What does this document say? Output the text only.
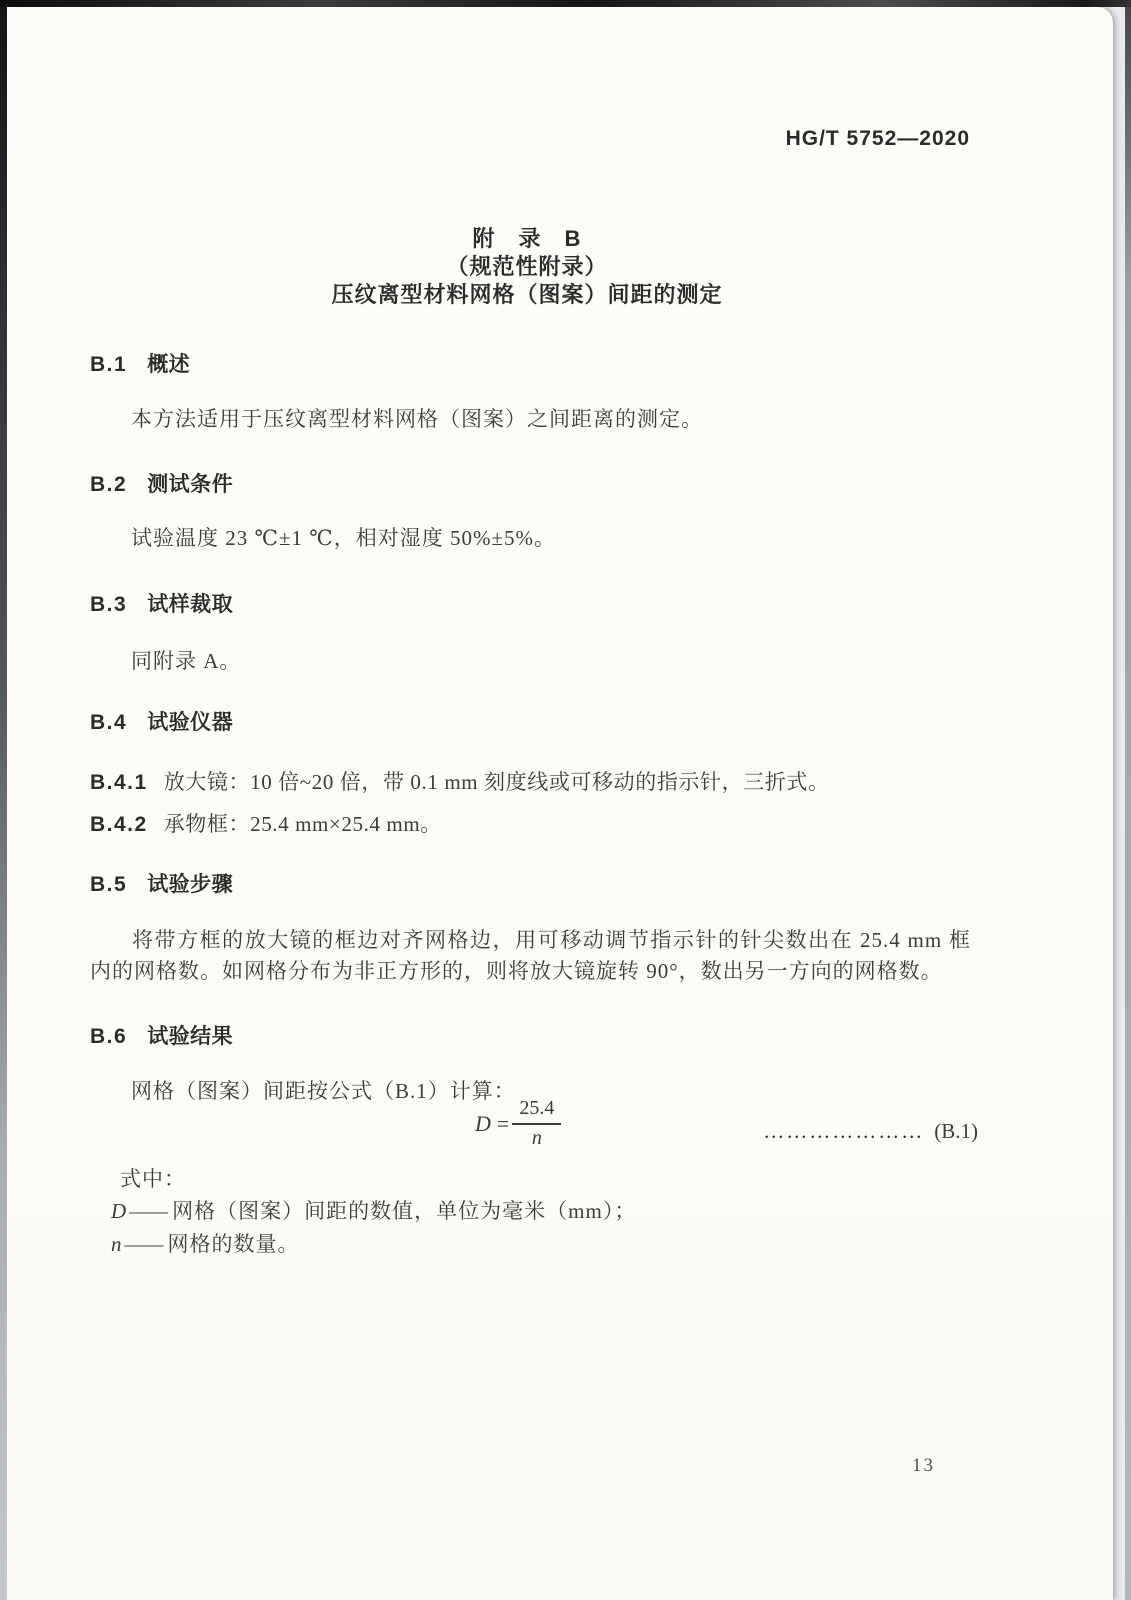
HG/T 5752—2020
附　录　B
（规范性附录）
压纹离型材料网格（图案）间距的测定
B.1 概述
本方法适用于压纹离型材料网格（图案）之间距离的测定。
B.2 测试条件
试验温度 23 ℃±1 ℃，相对湿度 50%±5%。
B.3 试样裁取
同附录 A。
B.4 试验仪器
B.4.1 放大镜：10 倍~20 倍，带 0.1 mm 刻度线或可移动的指示针，三折式。
B.4.2 承物框：25.4 mm×25.4 mm。
B.5 试验步骤
将带方框的放大镜的框边对齐网格边，用可移动调节指示针的针尖数出在 25.4 mm 框内的网格数。如网格分布为非正方形的，则将放大镜旋转 90°，数出另一方向的网格数。
B.6 试验结果
网格（图案）间距按公式（B.1）计算：
$D = \frac{25.4}{n}$	………………… (B.1)
式中：
D—— 网格（图案）间距的数值，单位为毫米（mm）；
n—— 网格的数量。
13
